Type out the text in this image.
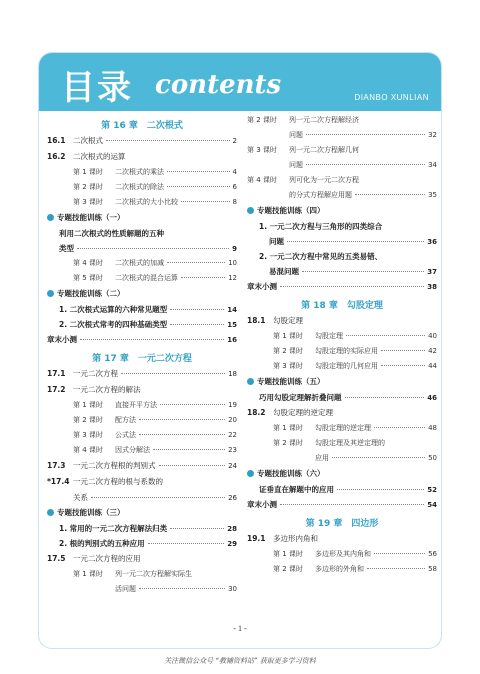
目录 contents	DIANBO XUNLIAN
第 16 章　二次根式
16.1 二次根式	2
16.2 二次根式的运算
第 1 课时	二次根式的乘法	4
第 2 课时	二次根式的除法	6
第 3 课时	二次根式的大小比较	8
专题技能训练（一）
利用二次根式的性质解题的五种
类型	9
第 4 课时	二次根式的加减	10
第 5 课时	二次根式的混合运算	12
专题技能训练（二）
1. 二次根式运算的六种常见题型	14
2. 二次根式常考的四种基础类型	15
章末小测	16
第 17 章　一元二次方程
17.1 一元二次方程	18
17.2 一元二次方程的解法
第 1 课时	直接开平方法	19
第 2 课时	配方法	20
第 3 课时	公式法	22
第 4 课时	因式分解法	23
17.3 一元二次方程根的判别式	24
*17.4 一元二次方程的根与系数的
关系	26
专题技能训练（三）
1. 常用的一元二次方程解法归类	28
2. 根的判别式的五种应用	29
17.5 一元二次方程的应用
第 1 课时	列一元二次方程解实际生
活问题	30
第 2 课时	列一元二次方程解经济
问题	32
第 3 课时	列一元二次方程解几何
问题	34
第 4 课时	列可化为一元二次方程
的分式方程解应用题	35
专题技能训练（四）
1. 一元二次方程与三角形的四类综合
问题	36
2. 一元二次方程中常见的五类易错、
易混问题	37
章末小测	38
第 18 章　勾股定理
18.1 勾股定理
第 1 课时	勾股定理	40
第 2 课时	勾股定理的实际应用	42
第 3 课时	勾股定理的几何应用	44
专题技能训练（五）
巧用勾股定理解折叠问题	46
18.2 勾股定理的逆定理
第 1 课时	勾股定理的逆定理	48
第 2 课时	勾股定理及其逆定理的
应用	50
专题技能训练（六）
证垂直在解题中的应用	52
章末小测	54
第 19 章　四边形
19.1 多边形内角和
第 1 课时	多边形及其内角和	56
第 2 课时	多边形的外角和	58
- 1 -
关注微信公众号 “教辅资料站” 获取更多学习资料
